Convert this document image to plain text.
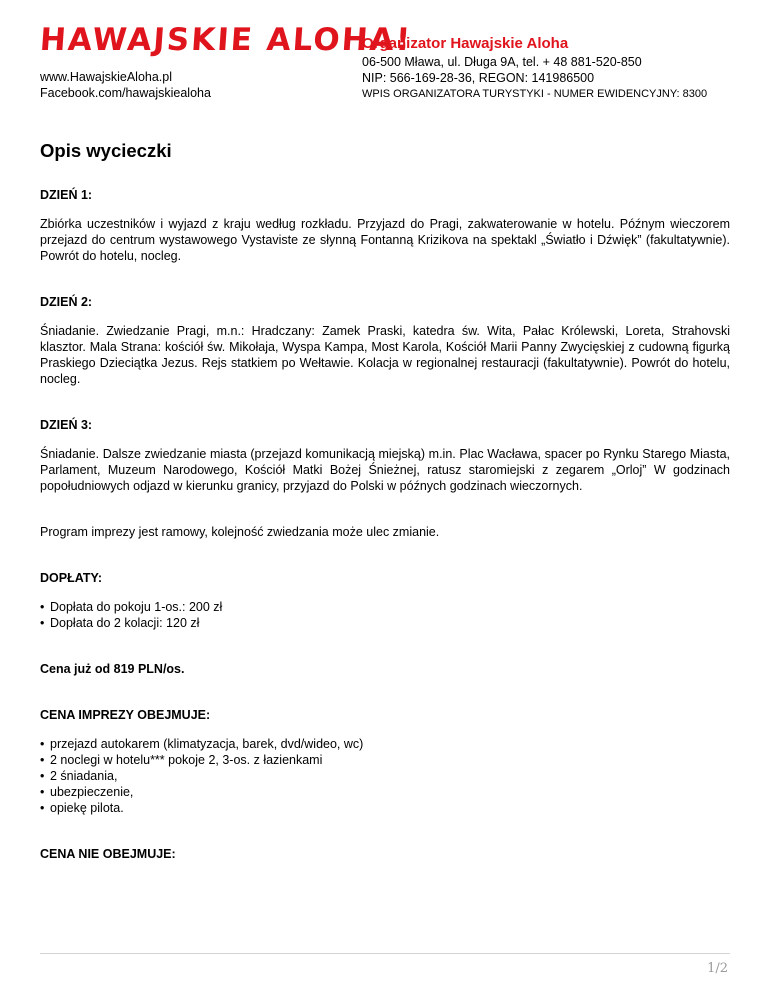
HAWAJSKIE ALOHA!
www.HawajskieAloha.pl
Facebook.com/hawajskiealoha
Organizator Hawajskie Aloha
06-500 Mława, ul. Długa 9A, tel. + 48 881-520-850
NIP: 566-169-28-36, REGON: 141986500
WPIS ORGANIZATORA TURYSTYKI - NUMER EWIDENCYJNY: 8300
Opis wycieczki
DZIEŃ 1:
Zbiórka uczestników i wyjazd z kraju według rozkładu. Przyjazd do Pragi, zakwaterowanie w hotelu. Późnym wieczorem przejazd do centrum wystawowego Vystaviste ze słynną Fontanną Krizikova na spektakl „Światło i Dźwięk” (fakultatywnie). Powrót do hotelu, nocleg.
DZIEŃ 2:
Śniadanie. Zwiedzanie Pragi, m.n.: Hradczany: Zamek Praski, katedra św. Wita, Pałac Królewski, Loreta, Strahovski klasztor. Mala Strana: kościół św. Mikołaja, Wyspa Kampa, Most Karola, Kościół Marii Panny Zwycięskiej z cudowną figurką Praskiego Dzieciątka Jezus. Rejs statkiem po Wełtawie. Kolacja w regionalnej restauracji (fakultatywnie). Powrót do hotelu, nocleg.
DZIEŃ 3:
Śniadanie. Dalsze zwiedzanie miasta (przejazd komunikacją miejską) m.in. Plac Wacława, spacer po Rynku Starego Miasta, Parlament, Muzeum Narodowego, Kościół Matki Bożej Śnieżnej, ratusz staromiejski z zegarem „Orloj” W godzinach popołudniowych odjazd w kierunku granicy, przyjazd do Polski w późnych godzinach wieczornych.
Program imprezy jest ramowy, kolejność zwiedzania może ulec zmianie.
DOPŁATY:
• Dopłata do pokoju 1-os.: 200 zł
• Dopłata do 2 kolacji: 120 zł
Cena już od 819 PLN/os.
CENA IMPREZY OBEJMUJE:
• przejazd autokarem (klimatyzacja, barek, dvd/wideo, wc)
• 2 noclegi w hotelu*** pokoje 2, 3-os. z łazienkami
• 2 śniadania,
• ubezpieczenie,
• opiekę pilota.
CENA NIE OBEJMUJE:
1/2
